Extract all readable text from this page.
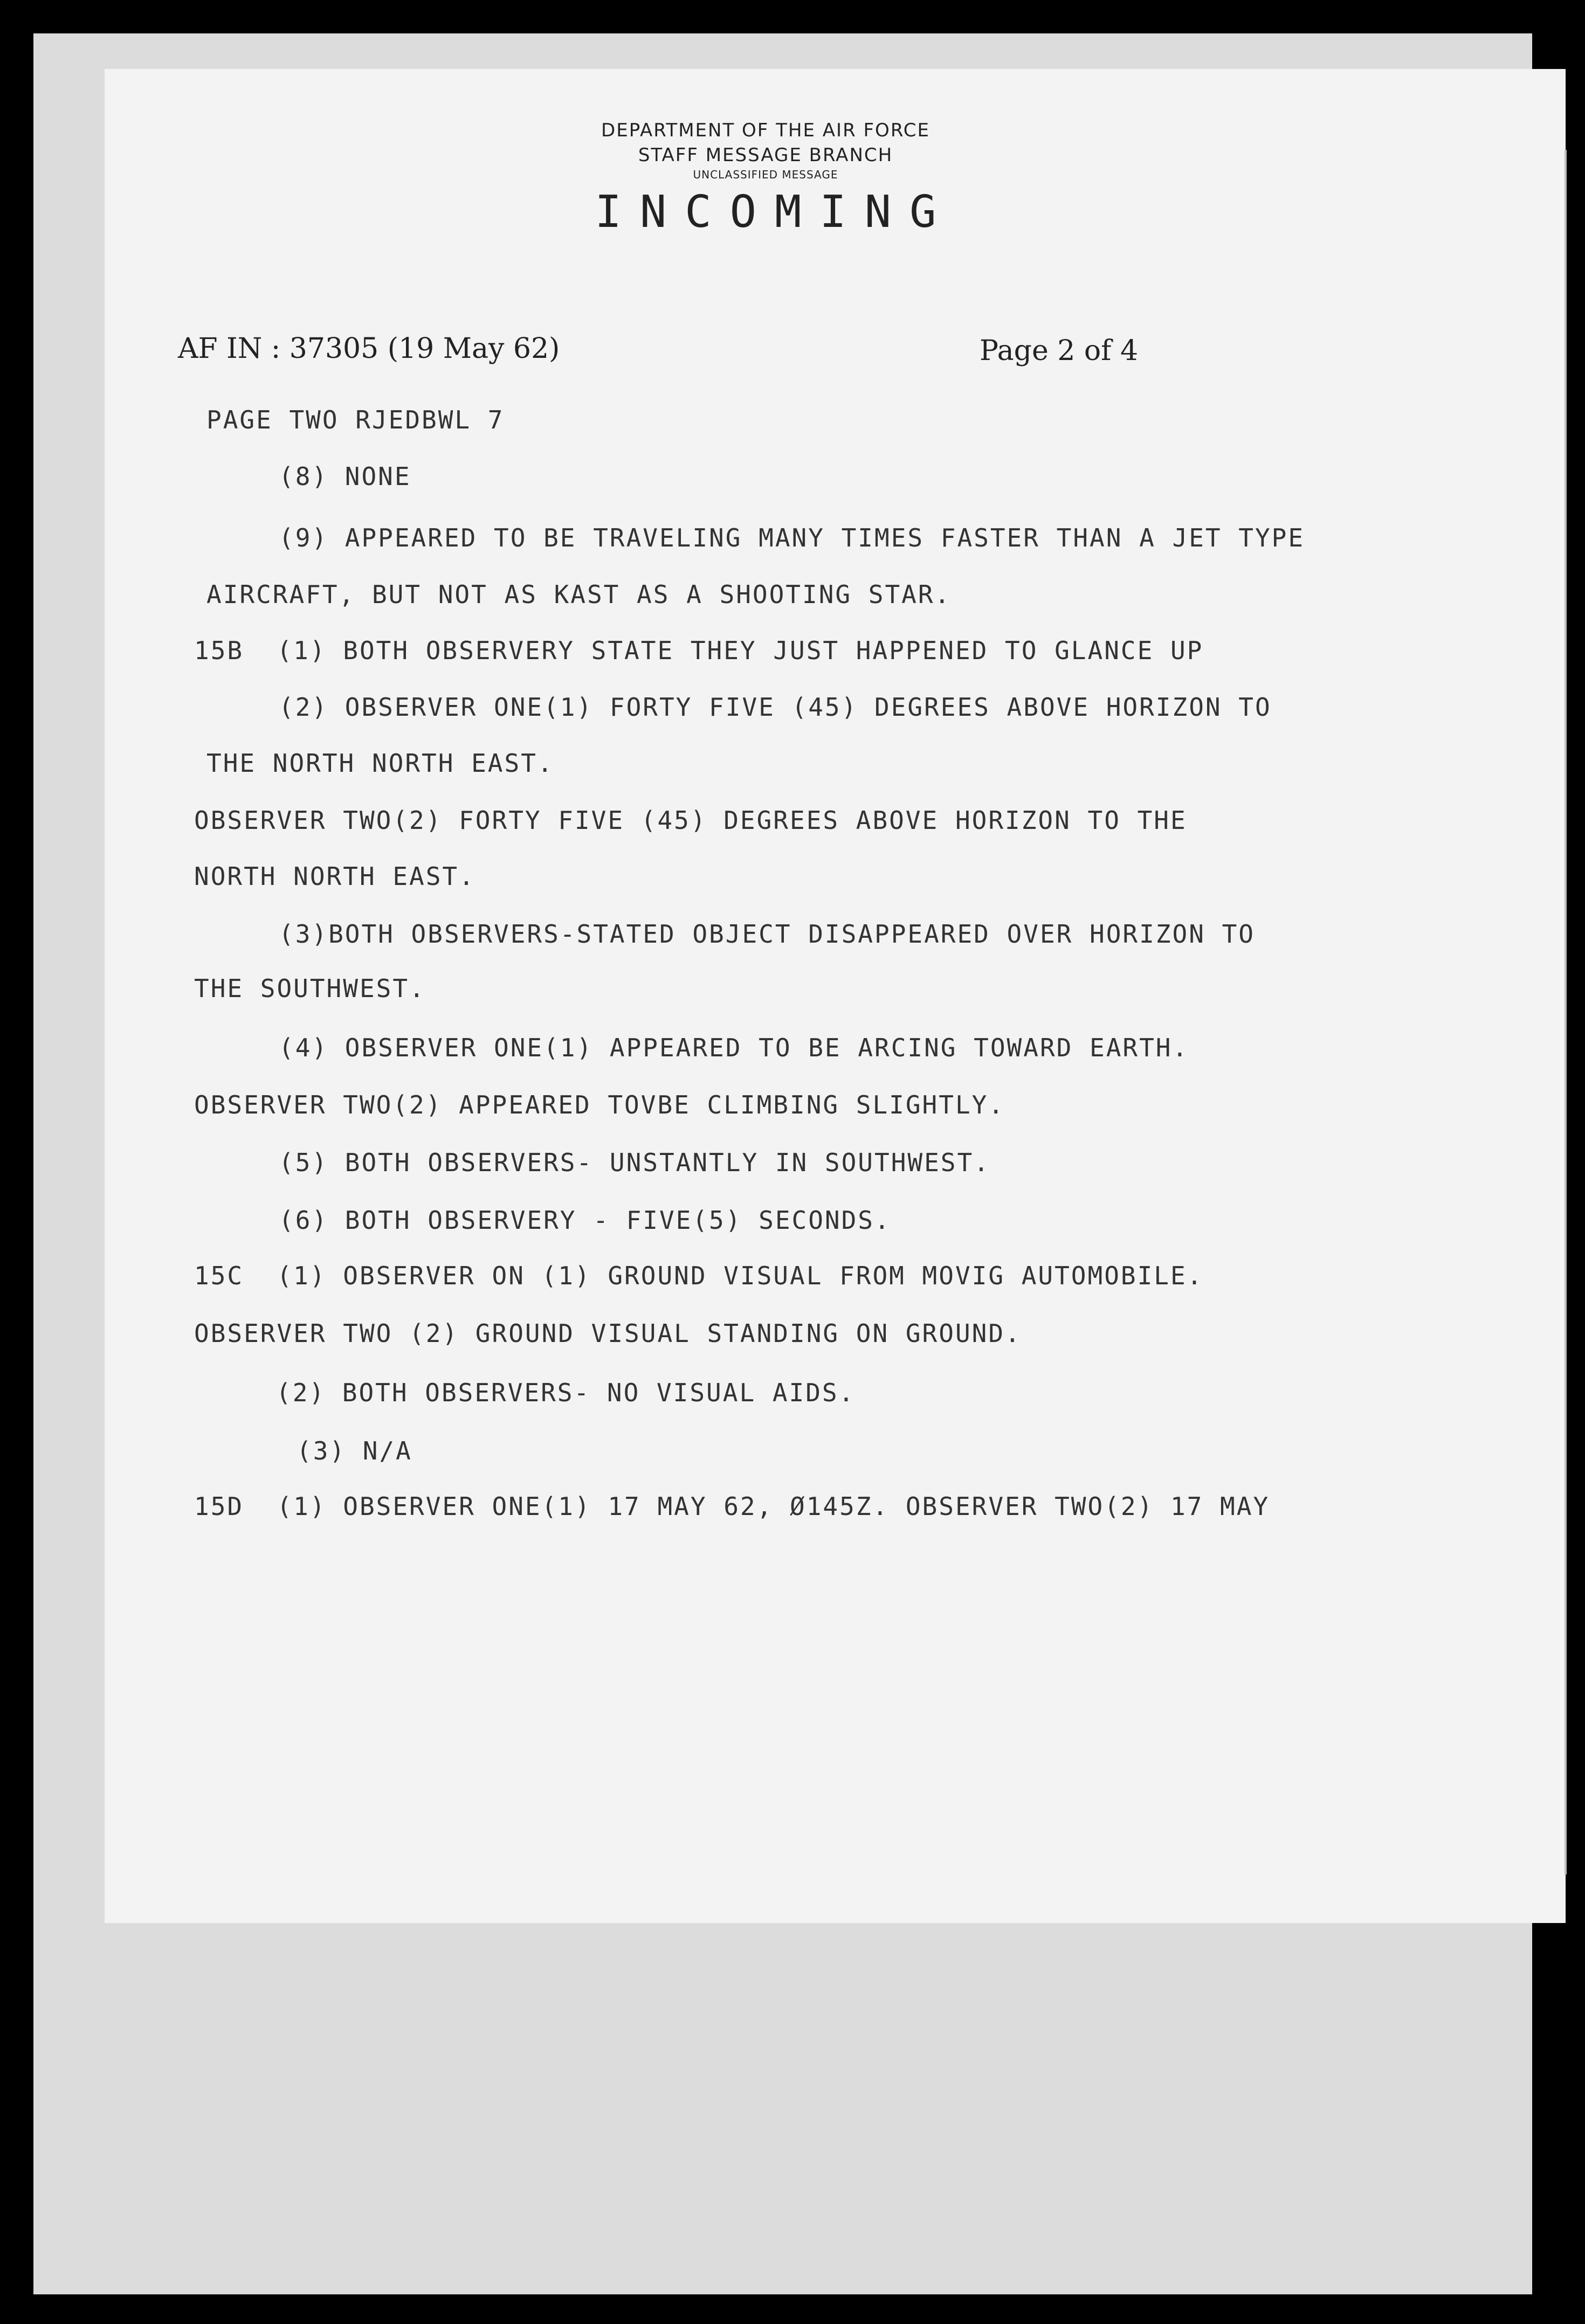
DEPARTMENT OF THE AIR FORCE
STAFF MESSAGE BRANCH
UNCLASSIFIED MESSAGE
INCOMING
AF IN : 37305 (19 May 62)	Page 2 of 4
PAGE TWO RJEDBWL 7
(8) NONE
(9) APPEARED TO BE TRAVELING MANY TIMES FASTER THAN A JET TYPE
AIRCRAFT, BUT NOT AS KAST AS A SHOOTING STAR.
15B  (1) BOTH OBSERVERY STATE THEY JUST HAPPENED TO GLANCE UP
(2) OBSERVER ONE(1) FORTY FIVE (45) DEGREES ABOVE HORIZON TO
THE NORTH NORTH EAST.
OBSERVER TWO(2) FORTY FIVE (45) DEGREES ABOVE HORIZON TO THE
NORTH NORTH EAST.
(3)BOTH OBSERVERS-STATED OBJECT DISAPPEARED OVER HORIZON TO
THE SOUTHWEST.
(4) OBSERVER ONE(1) APPEARED TO BE ARCING TOWARD EARTH.
OBSERVER TWO(2) APPEARED TOVBE CLIMBING SLIGHTLY.
(5) BOTH OBSERVERS- UNSTANTLY IN SOUTHWEST.
(6) BOTH OBSERVERY - FIVE(5) SECONDS.
15C  (1) OBSERVER ON (1) GROUND VISUAL FROM MOVIG AUTOMOBILE.
OBSERVER TWO (2) GROUND VISUAL STANDING ON GROUND.
(2) BOTH OBSERVERS- NO VISUAL AIDS.
(3) N/A
15D  (1) OBSERVER ONE(1) 17 MAY 62, Ø145Z. OBSERVER TWO(2) 17 MAY
